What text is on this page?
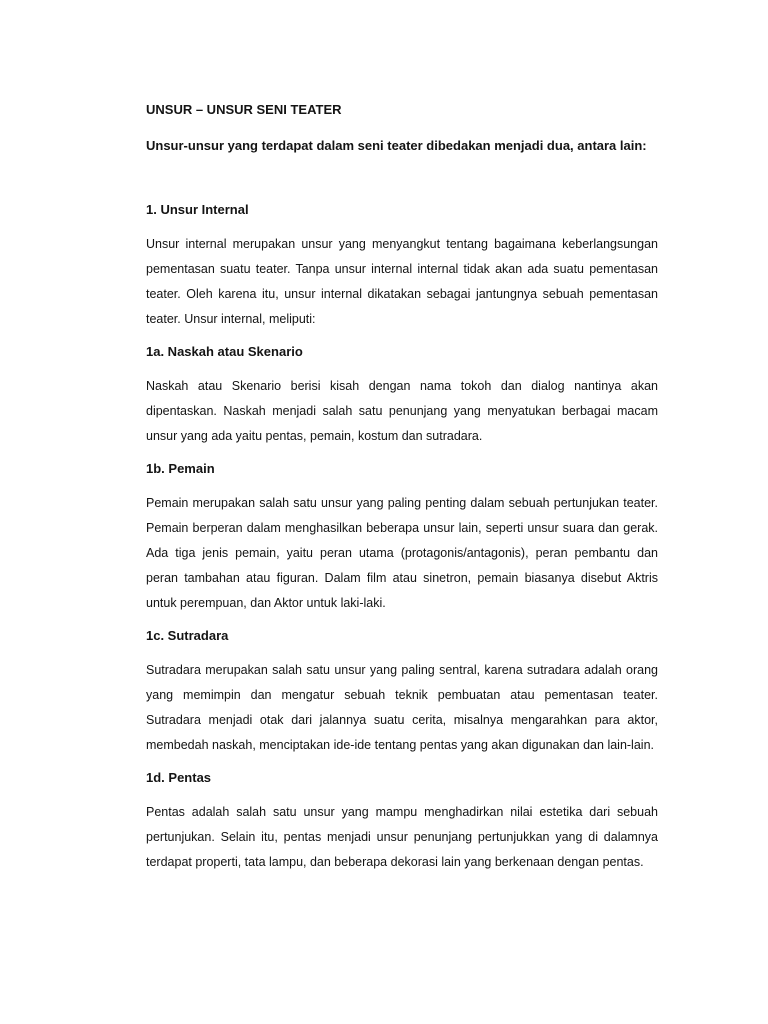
UNSUR – UNSUR SENI TEATER

Unsur-unsur yang terdapat dalam seni teater dibedakan menjadi dua, antara lain:

1. Unsur Internal

Unsur internal merupakan unsur yang menyangkut tentang bagaimana keberlangsungan pementasan suatu teater. Tanpa unsur internal internal tidak akan ada suatu pementasan teater. Oleh karena itu, unsur internal dikatakan sebagai jantungnya sebuah pementasan teater. Unsur internal, meliputi:

1a. Naskah atau Skenario

Naskah atau Skenario berisi kisah dengan nama tokoh dan dialog nantinya akan dipentaskan. Naskah menjadi salah satu penunjang yang menyatukan berbagai macam unsur yang ada yaitu pentas, pemain, kostum dan sutradara.

1b. Pemain

Pemain merupakan salah satu unsur yang paling penting dalam sebuah pertunjukan teater. Pemain berperan dalam menghasilkan beberapa unsur lain, seperti unsur suara dan gerak. Ada tiga jenis pemain, yaitu peran utama (protagonis/antagonis), peran pembantu dan peran tambahan atau figuran. Dalam film atau sinetron, pemain biasanya disebut Aktris untuk perempuan, dan Aktor untuk laki-laki.

1c. Sutradara

Sutradara merupakan salah satu unsur yang paling sentral, karena sutradara adalah orang yang memimpin dan mengatur sebuah teknik pembuatan atau pementasan teater. Sutradara menjadi otak dari jalannya suatu cerita, misalnya mengarahkan para aktor, membedah naskah, menciptakan ide-ide tentang pentas yang akan digunakan dan lain-lain.

1d. Pentas

Pentas adalah salah satu unsur yang mampu menghadirkan nilai estetika dari sebuah pertunjukan. Selain itu, pentas menjadi unsur penunjang pertunjukkan yang di dalamnya terdapat properti, tata lampu, dan beberapa dekorasi lain yang berkenaan dengan pentas.
